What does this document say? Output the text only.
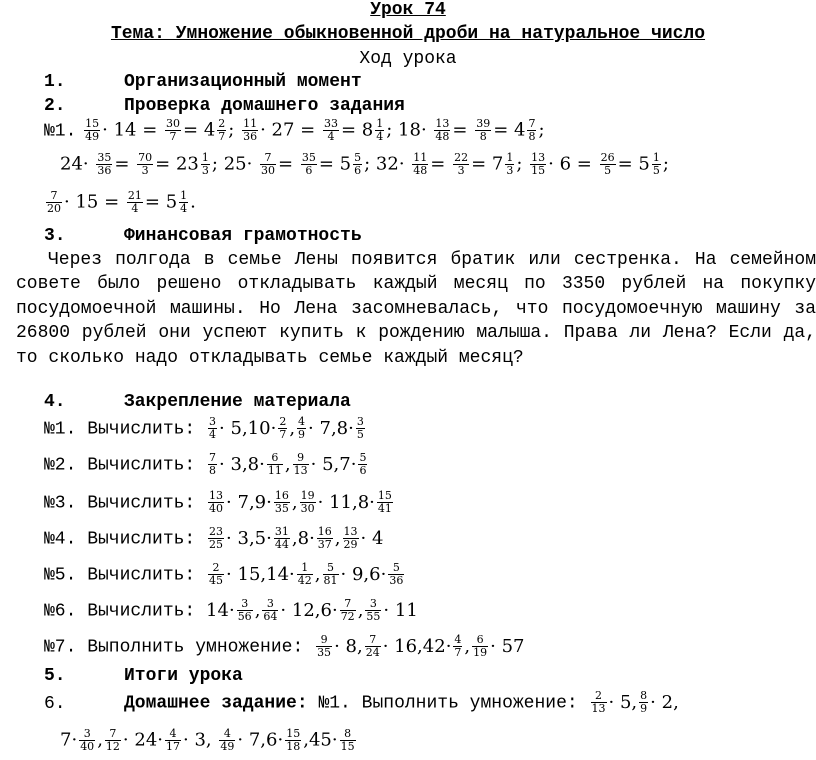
Урок 74
Тема: Умножение обыкновенной дроби на натуральное число
Ход урока
1.	Организационный момент
2.	Проверка домашнего задания
№1. $\frac{15}{49} \cdot 14 = \frac{30}{7} = 4 \frac{2}{7}$ ; $\frac{11}{36} \cdot 27 = \frac{33}{4} = 8 \frac{1}{4}$ ; $18\cdot \frac{13}{48} = \frac{39}{8} = 4 \frac{7}{8}$ ;
$24\cdot \frac{35}{36} = \frac{70}{3} = 23 \frac{1}{3}$ ; $25\cdot \frac{7}{30} = \frac{35}{6} = 5 \frac{5}{6}$ ; $32\cdot \frac{11}{48} = \frac{22}{3} = 7 \frac{1}{3}$ ; $\frac{13}{15} \cdot 6 = \frac{26}{5} = 5 \frac{1}{5}$ ;
$\frac{7}{20} \cdot 15 = \frac{21}{4} = 5 \frac{1}{4}$ .
3.	Финансовая грамотность
Через полгода в семье Лены появится братик или сестренка. На семейном совете было решено откладывать каждый месяц по 3350 рублей на покупку посудомоечной машины. Но Лена засомневалась, что посудомоечную машину за 26800 рублей они успеют купить к рождению малыша. Права ли Лена? Если да, то сколько надо откладывать семье каждый месяц?
4.	Закрепление материала
№1. Вычислить: $\frac{3}{4} \cdot 5,10\cdot \frac{2}{7}$ , $\frac{4}{9} \cdot 7,8\cdot \frac{3}{5}$
№2. Вычислить: $\frac{7}{8} \cdot 3,8\cdot \frac{6}{11}$ , $\frac{9}{13} \cdot 5,7\cdot \frac{5}{6}$
№3. Вычислить: $\frac{13}{40} \cdot 7,9\cdot \frac{16}{35}$ , $\frac{19}{30} \cdot 11,8\cdot \frac{15}{41}$
№4. Вычислить: $\frac{23}{25} \cdot 3,5\cdot \frac{31}{44} ,8\cdot \frac{16}{37}$ , $\frac{13}{29} \cdot 4$
№5. Вычислить: $\frac{2}{45} \cdot 15,14\cdot \frac{1}{42}$ , $\frac{5}{81} \cdot 9,6\cdot \frac{5}{36}$
№6. Вычислить: $14\cdot \frac{3}{56}$ , $\frac{3}{64} \cdot 12,6\cdot \frac{7}{72}$ , $\frac{3}{55} \cdot 11$
№7. Выполнить умножение: $\frac{9}{35} \cdot 8$, $\frac{7}{24} \cdot 16,42\cdot \frac{4}{7}$ , $\frac{6}{19} \cdot 57$
5.	Итоги урока
6.	Домашнее задание: №1. Выполнить умножение: $\frac{2}{13} \cdot 5$, $\frac{8}{9} \cdot 2$,
$7\cdot \frac{3}{40}$ , $\frac{7}{12} \cdot 24\cdot \frac{4}{17} \cdot 3$, $\frac{4}{49} \cdot 7,6\cdot \frac{15}{18} ,45\cdot \frac{8}{15}$
